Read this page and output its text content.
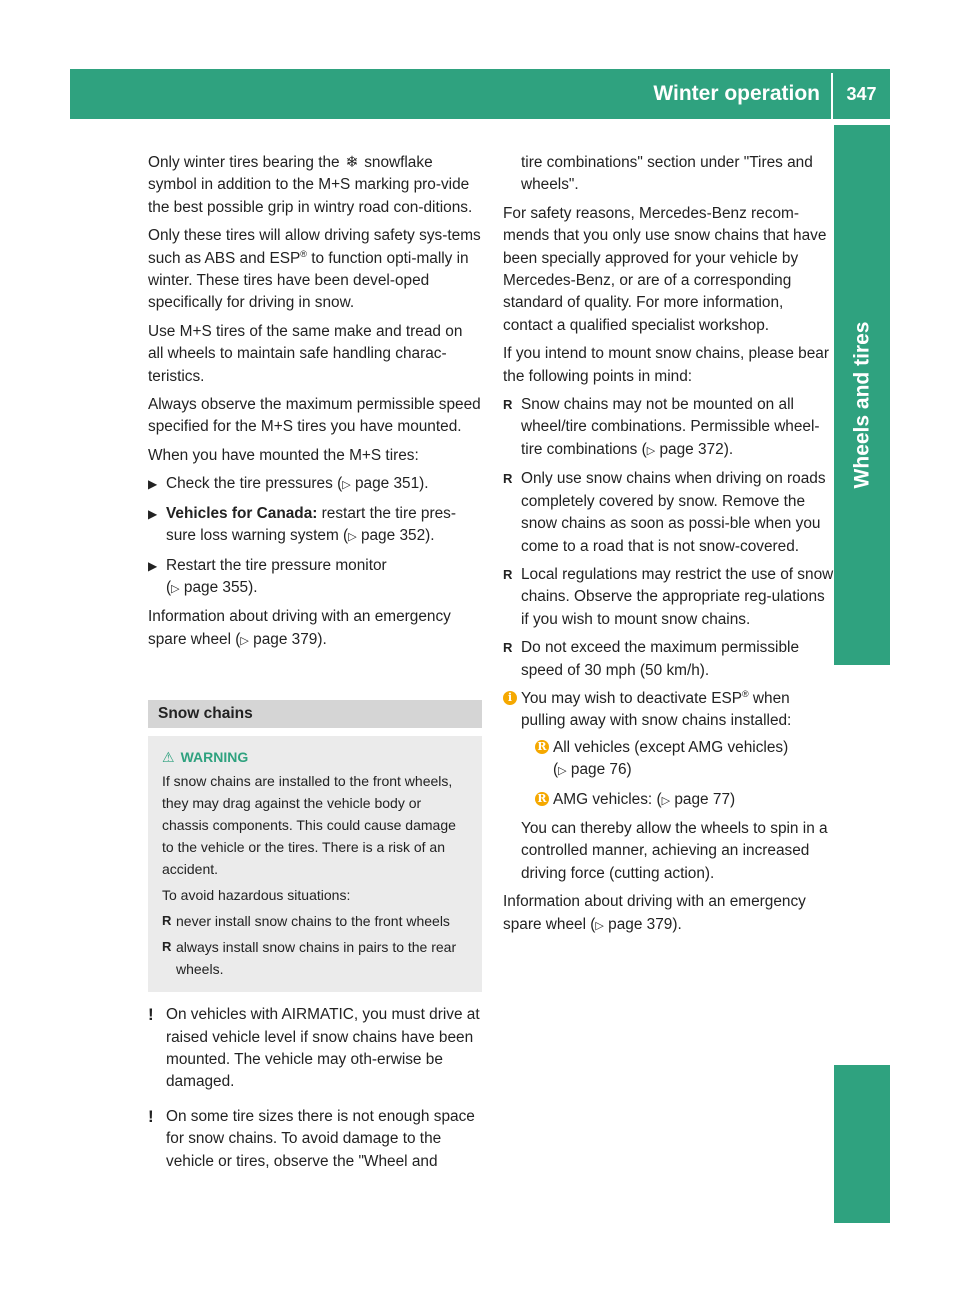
Winter operation	347
Wheels and tires

Only winter tires bearing the ❄ snowflake symbol in addition to the M+S marking pro-vide the best possible grip in wintry road con-ditions.

Only these tires will allow driving safety sys-tems such as ABS and ESP® to function opti-mally in winter. These tires have been devel-oped specifically for driving in snow.

Use M+S tires of the same make and tread on all wheels to maintain safe handling charac-teristics.

Always observe the maximum permissible speed specified for the M+S tires you have mounted.

When you have mounted the M+S tires:

▶ Check the tire pressures (▷ page 351).
▶ Vehicles for Canada: restart the tire pres-sure loss warning system (▷ page 352).
▶ Restart the tire pressure monitor (▷ page 355).

Information about driving with an emergency spare wheel (▷ page 379).

Snow chains
⚠ WARNING

If snow chains are installed to the front wheels, they may drag against the vehicle body or chassis components. This could cause damage to the vehicle or the tires. There is a risk of an accident.

To avoid hazardous situations:

R never install snow chains to the front wheels
R always install snow chains in pairs to the rear wheels.
! On vehicles with AIRMATIC, you must drive at raised vehicle level if snow chains have been mounted. The vehicle may oth-erwise be damaged.
! On some tire sizes there is not enough space for snow chains. To avoid damage to the vehicle or tires, observe the "Wheel and

tire combinations" section under "Tires and wheels".

For safety reasons, Mercedes-Benz recom-mends that you only use snow chains that have been specially approved for your vehicle by Mercedes-Benz, or are of a corresponding standard of quality. For more information, contact a qualified specialist workshop.

If you intend to mount snow chains, please bear the following points in mind:

R Snow chains may not be mounted on all wheel/tire combinations. Permissible wheel-tire combinations (▷ page 372).
R Only use snow chains when driving on roads completely covered by snow. Remove the snow chains as soon as possi-ble when you come to a road that is not snow-covered.
R Local regulations may restrict the use of snow chains. Observe the appropriate reg-ulations if you wish to mount snow chains.
R Do not exceed the maximum permissible speed of 30 mph (50 km/h).
i You may wish to deactivate ESP® when pulling away with snow chains installed:
R All vehicles (except AMG vehicles) (▷ page 76)
R AMG vehicles: (▷ page 77)
You can thereby allow the wheels to spin in a controlled manner, achieving an increased driving force (cutting action).

Information about driving with an emergency spare wheel (▷ page 379).
